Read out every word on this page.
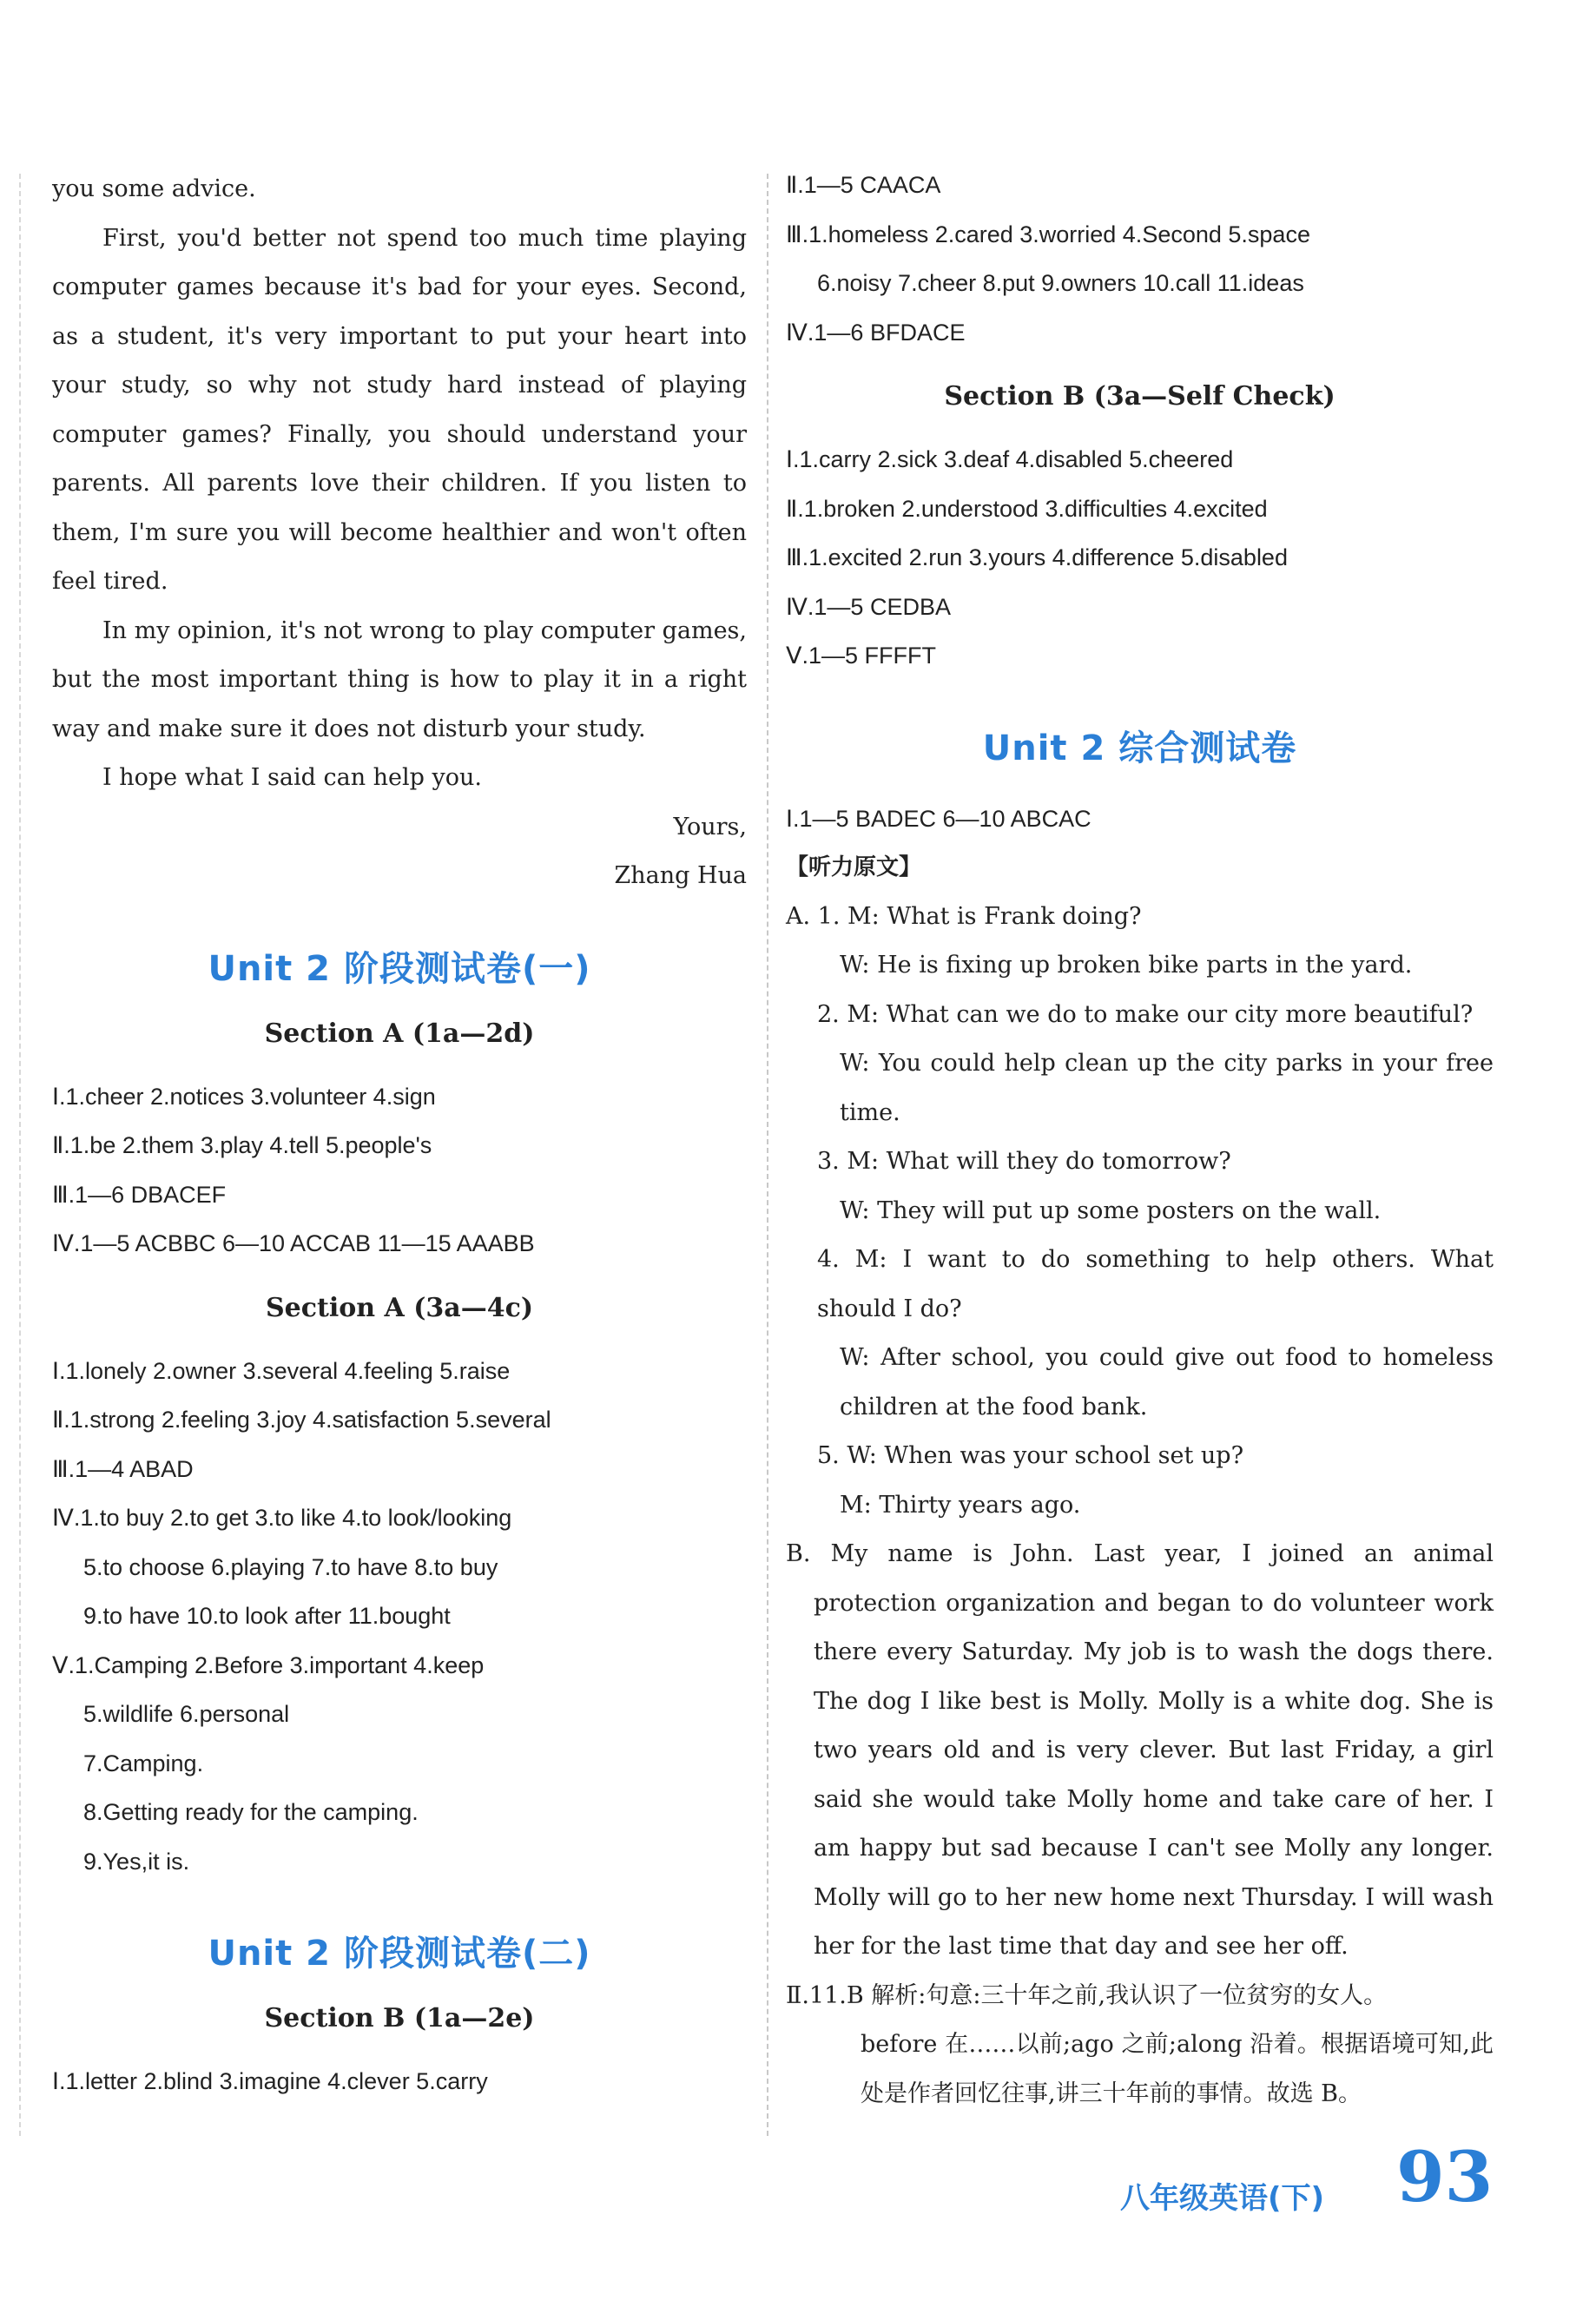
you some advice.
First, you'd better not spend too much time playing computer games because it's bad for your eyes. Second, as a student, it's very important to put your heart into your study, so why not study hard instead of playing computer games? Finally, you should understand your parents. All parents love their children. If you listen to them, I'm sure you will become healthier and won't often feel tired.
In my opinion, it's not wrong to play computer games, but the most important thing is how to play it in a right way and make sure it does not disturb your study.
I hope what I said can help you.
Yours,
Zhang Hua
Unit 2 阶段测试卷(一)
Section A (1a—2d)
Ⅰ.1.cheer 2.notices 3.volunteer 4.sign
Ⅱ.1.be 2.them 3.play 4.tell 5.people's
Ⅲ.1—6 DBACEF
Ⅳ.1—5 ACBBC 6—10 ACCAB 11—15 AAABB
Section A (3a—4c)
Ⅰ.1.lonely 2.owner 3.several 4.feeling 5.raise
Ⅱ.1.strong 2.feeling 3.joy 4.satisfaction 5.several
Ⅲ.1—4 ABAD
Ⅳ.1.to buy 2.to get 3.to like 4.to look/looking
5.to choose 6.playing 7.to have 8.to buy
9.to have 10.to look after 11.bought
Ⅴ.1.Camping 2.Before 3.important 4.keep
5.wildlife 6.personal
7.Camping.
8.Getting ready for the camping.
9.Yes,it is.
Unit 2 阶段测试卷(二)
Section B (1a—2e)
Ⅰ.1.letter 2.blind 3.imagine 4.clever 5.carry
Ⅱ.1—5 CAACA
Ⅲ.1.homeless 2.cared 3.worried 4.Second 5.space
6.noisy 7.cheer 8.put 9.owners 10.call 11.ideas
Ⅳ.1—6 BFDACE
Section B (3a—Self Check)
Ⅰ.1.carry 2.sick 3.deaf 4.disabled 5.cheered
Ⅱ.1.broken 2.understood 3.difficulties 4.excited
Ⅲ.1.excited 2.run 3.yours 4.difference 5.disabled
Ⅳ.1—5 CEDBA
Ⅴ.1—5 FFFFT
Unit 2 综合测试卷
Ⅰ.1—5 BADEC 6—10 ABCAC
【听力原文】
A. 1. M: What is Frank doing?
W: He is fixing up broken bike parts in the yard.
2. M: What can we do to make our city more beautiful?
W: You could help clean up the city parks in your free time.
3. M: What will they do tomorrow?
W: They will put up some posters on the wall.
4. M: I want to do something to help others. What should I do?
W: After school, you could give out food to homeless children at the food bank.
5. W: When was your school set up?
M: Thirty years ago.
B. My name is John. Last year, I joined an animal protection organization and began to do volunteer work there every Saturday. My job is to wash the dogs there. The dog I like best is Molly. Molly is a white dog. She is two years old and is very clever. But last Friday, a girl said she would take Molly home and take care of her. I am happy but sad because I can't see Molly any longer. Molly will go to her new home next Thursday. I will wash her for the last time that day and see her off.
Ⅱ.11.B 解析:句意:三十年之前,我认识了一位贫穷的女人。
before 在……以前;ago 之前;along 沿着。根据语境可知,此处是作者回忆往事,讲三十年前的事情。故选 B。
八年级英语(下) 93
